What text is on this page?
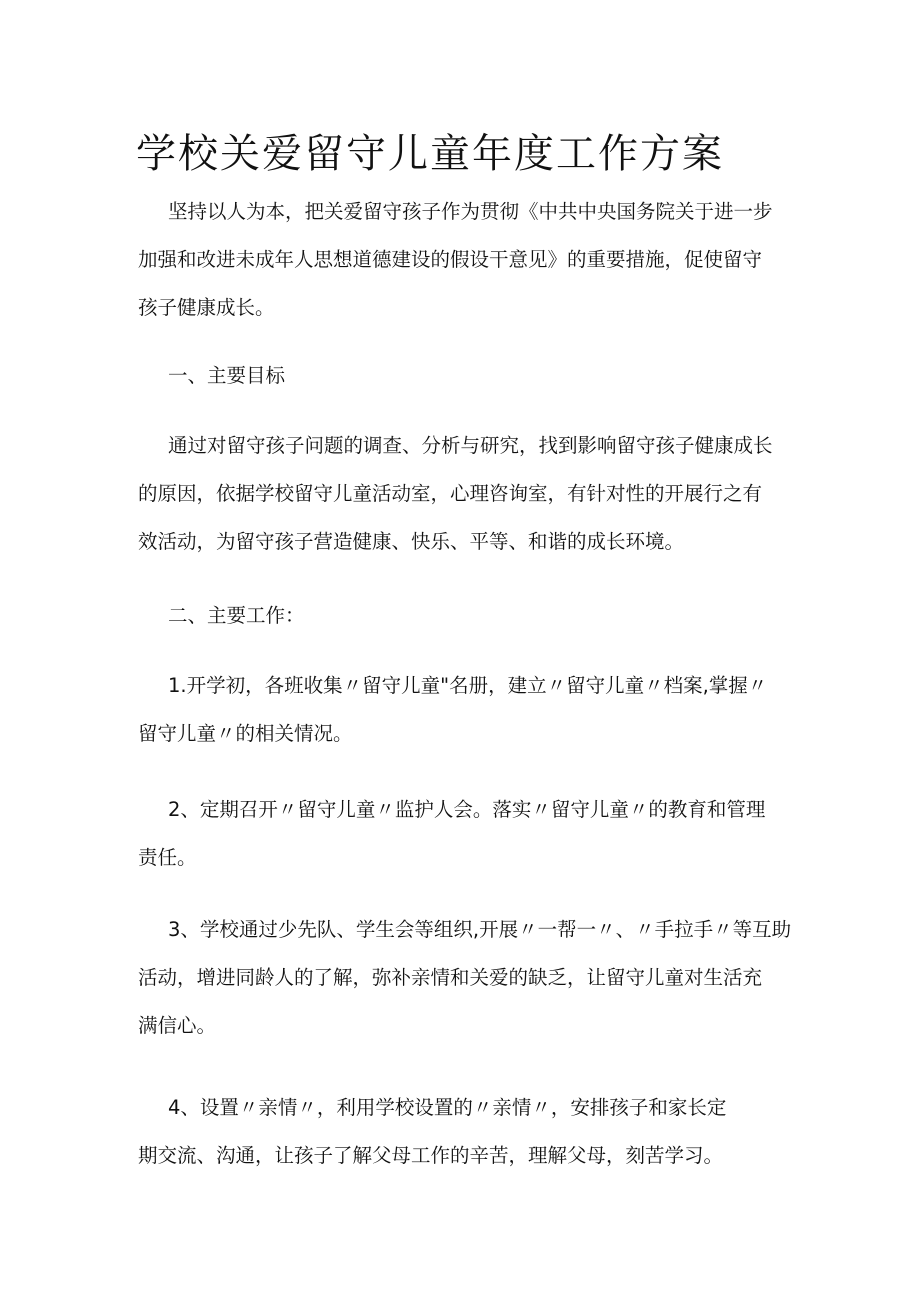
学校关爱留守儿童年度工作方案

坚持以人为本，把关爱留守孩子作为贯彻《中共中央国务院关于进一步
加强和改进未成年人思想道德建设的假设干意见》的重要措施，促使留守
孩子健康成长。

一、主要目标

通过对留守孩子问题的调查、分析与研究，找到影响留守孩子健康成长
的原因，依据学校留守儿童活动室，心理咨询室，有针对性的开展行之有
效活动，为留守孩子营造健康、快乐、平等、和谐的成长环境。

二、主要工作：

1.开学初，各班收集〃留守儿童"名册，建立〃留守儿童〃档案,掌握〃
留守儿童〃的相关情况。

2、定期召开〃留守儿童〃监护人会。落实〃留守儿童〃的教育和管理
责任。

3、学校通过少先队、学生会等组织,开展〃一帮一〃、〃手拉手〃等互助
活动，增进同龄人的了解，弥补亲情和关爱的缺乏，让留守儿童对生活充
满信心。

4、设置〃亲情〃，利用学校设置的〃亲情〃，安排孩子和家长定
期交流、沟通，让孩子了解父母工作的辛苦，理解父母，刻苦学习。
